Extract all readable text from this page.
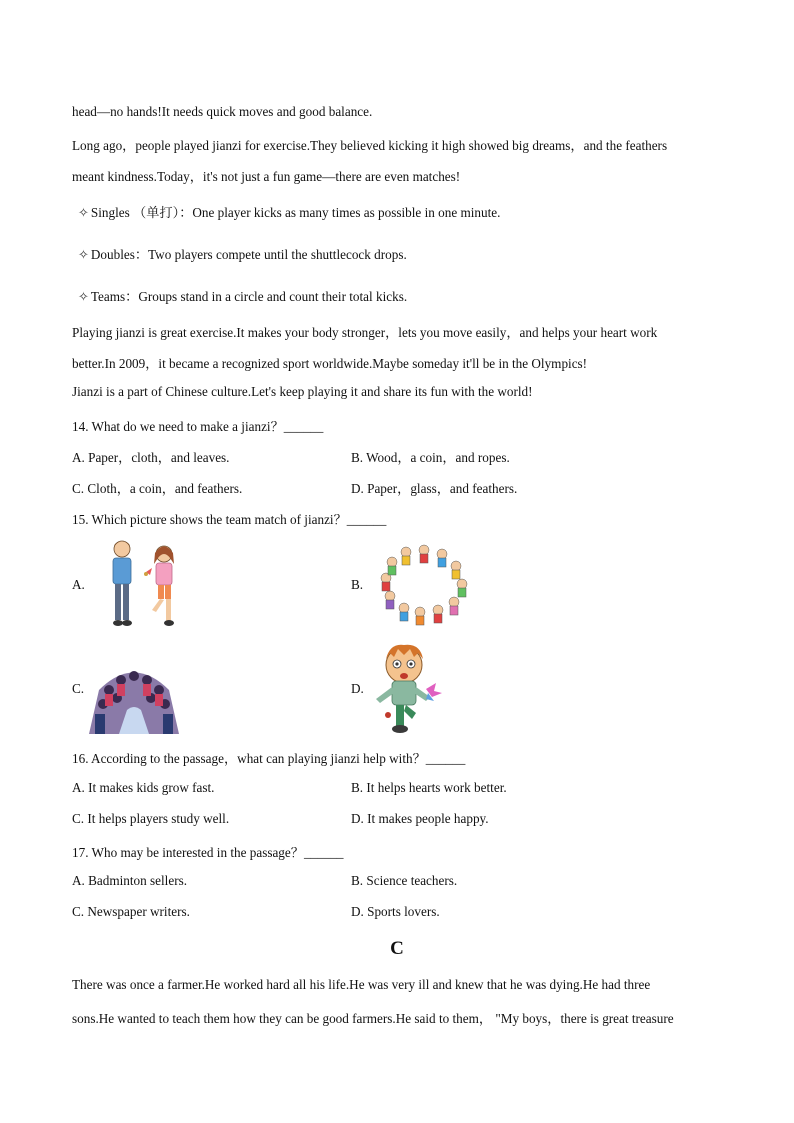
head—no hands!It needs quick moves and good balance.
Long ago，people played jianzi for exercise.They believed kicking it high showed big dreams，and the feathers
meant kindness.Today，it's not just a fun game—there are even matches!
✧ Singles （单打）：One player kicks as many times as possible in one minute.
✧ Doubles：Two players compete until the shuttlecock drops.
✧ Teams：Groups stand in a circle and count their total kicks.
Playing jianzi is great exercise.It makes your body stronger，lets you move easily，and helps your heart work
better.In 2009，it became a recognized sport worldwide.Maybe someday it'll be in the Olympics!
Jianzi is a part of Chinese culture.Let's keep playing it and share its fun with the world!
14. What do we need to make a jianzi？______
A. Paper，cloth，and leaves.	B. Wood，a coin，and ropes.
C. Cloth，a coin，and feathers.	D. Paper，glass，and feathers.
15. Which picture shows the team match of jianzi？______
A.	B.
C.	D.
16. According to the passage，what can playing jianzi help with？______
A. It makes kids grow fast.	B. It helps hearts work better.
C. It helps players study well.	D. It makes people happy.
17. Who may be interested in the passage？______
A. Badminton sellers.	B. Science teachers.
C. Newspaper writers.	D. Sports lovers.
C
There was once a farmer.He worked hard all his life.He was very ill and knew that he was dying.He had three
sons.He wanted to teach them how they can be good farmers.He said to them， "My boys，there is great treasure
